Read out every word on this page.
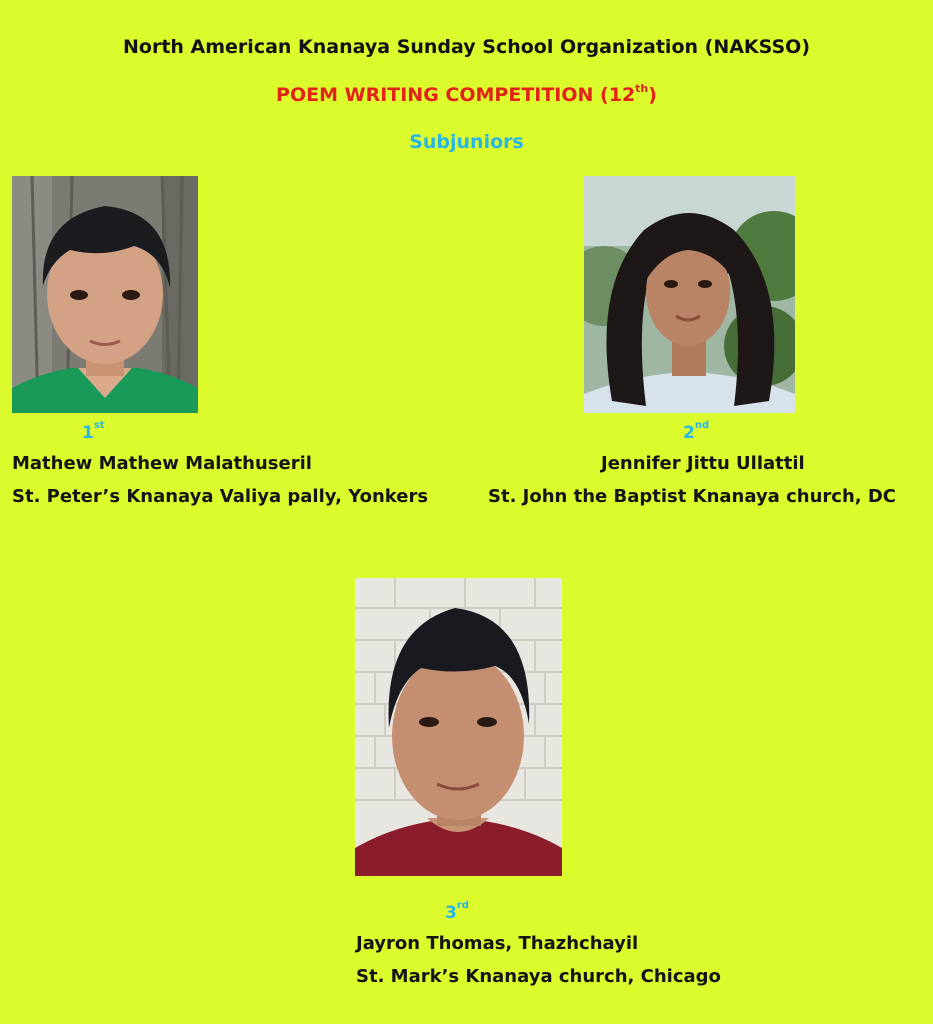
North American Knanaya Sunday School Organization (NAKSSO)
POEM WRITING COMPETITION (12th)
Subjuniors
1st
Mathew Mathew Malathuseril
St. Peter’s Knanaya Valiya pally, Yonkers
2nd
Jennifer Jittu Ullattil
St. John the Baptist Knanaya church, DC
3rd
Jayron Thomas, Thazhchayil
St. Mark’s Knanaya church, Chicago
